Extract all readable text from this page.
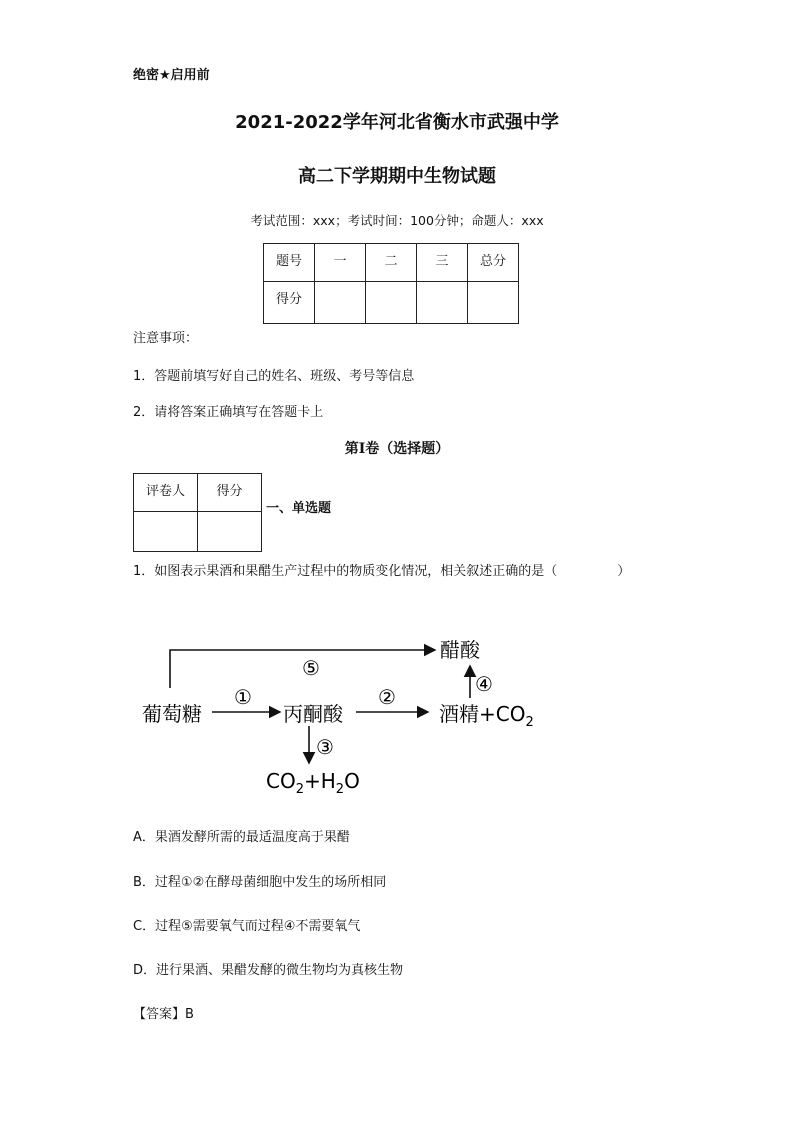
绝密★启用前
2021-2022学年河北省衡水市武强中学
高二下学期期中生物试题
考试范围：xxx；考试时间：100分钟；命题人：xxx
题号	一	二	三	总分
得分				
注意事项：
1．答题前填写好自己的姓名、班级、考号等信息
2．请将答案正确填写在答题卡上
第I卷（选择题）
评卷人	得分

一、单选题
1．如图表示果酒和果醋生产过程中的物质变化情况，相关叙述正确的是（	）
葡萄糖	丙酮酸	酒精$+CO_2$
醋酸
$CO_2+H_2O$
①	②
③
④
⑤
A．果酒发酵所需的最适温度高于果醋
B．过程①②在酵母菌细胞中发生的场所相同
C．过程⑤需要氧气而过程④不需要氧气
D．进行果酒、果醋发酵的微生物均为真核生物
【答案】B
